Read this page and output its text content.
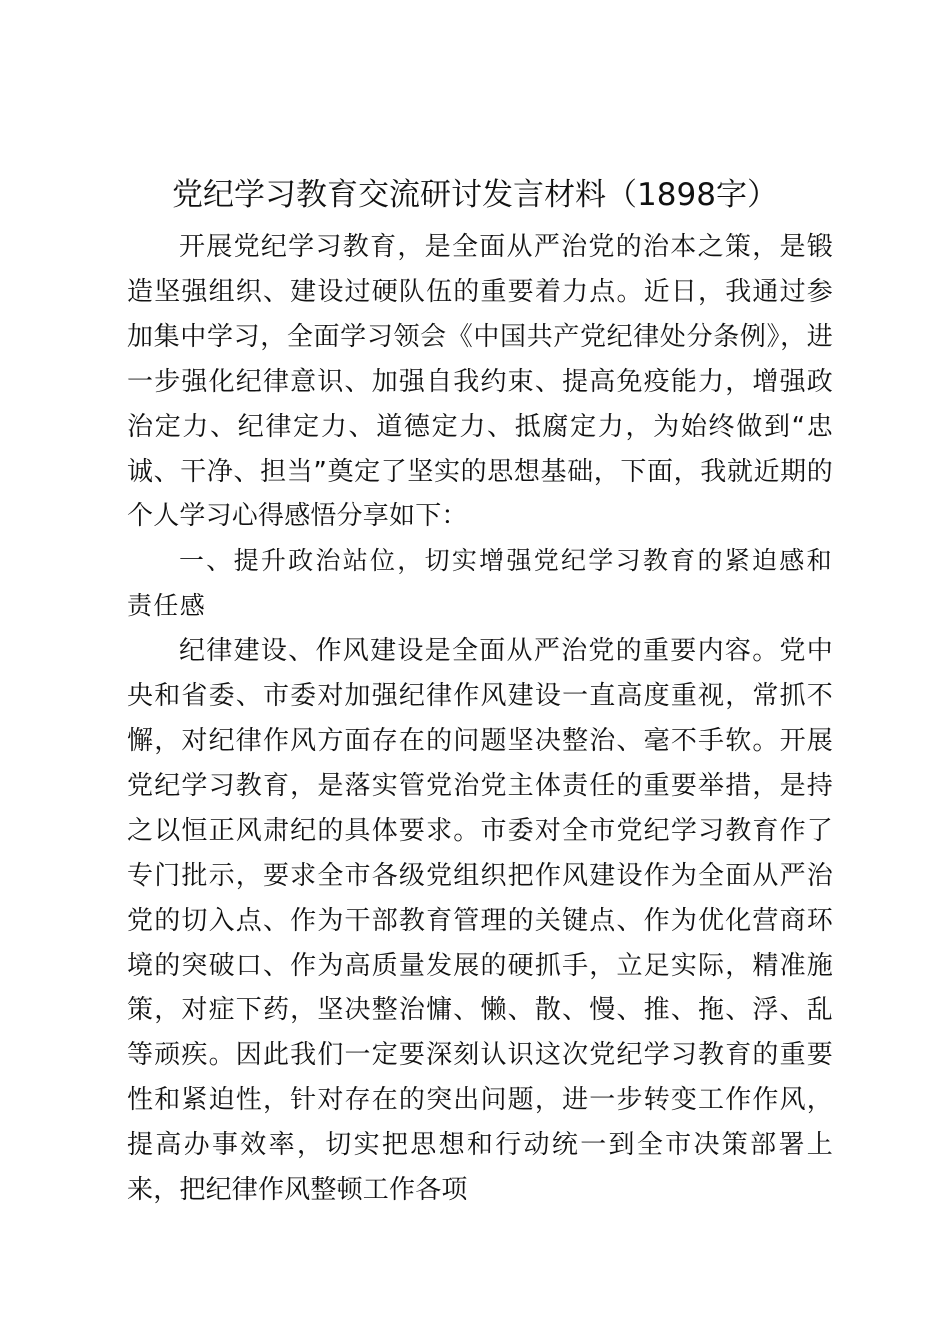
党纪学习教育交流研讨发言材料（1898字）

开展党纪学习教育，是全面从严治党的治本之策，是锻造坚强组织、建设过硬队伍的重要着力点。近日，我通过参加集中学习，全面学习领会《中国共产党纪律处分条例》，进一步强化纪律意识、加强自我约束、提高免疫能力，增强政治定力、纪律定力、道德定力、抵腐定力，为始终做到“忠诚、干净、担当”奠定了坚实的思想基础，下面，我就近期的个人学习心得感悟分享如下：

一、提升政治站位，切实增强党纪学习教育的紧迫感和责任感

纪律建设、作风建设是全面从严治党的重要内容。党中央和省委、市委对加强纪律作风建设一直高度重视，常抓不懈，对纪律作风方面存在的问题坚决整治、毫不手软。开展党纪学习教育，是落实管党治党主体责任的重要举措，是持之以恒正风肃纪的具体要求。市委对全市党纪学习教育作了专门批示，要求全市各级党组织把作风建设作为全面从严治党的切入点、作为干部教育管理的关键点、作为优化营商环境的突破口、作为高质量发展的硬抓手，立足实际，精准施策，对症下药，坚决整治慵、懒、散、慢、推、拖、浮、乱等顽疾。因此我们一定要深刻认识这次党纪学习教育的重要性和紧迫性，针对存在的突出问题，进一步转变工作作风，提高办事效率，切实把思想和行动统一到全市决策部署上来，把纪律作风整顿工作各项
